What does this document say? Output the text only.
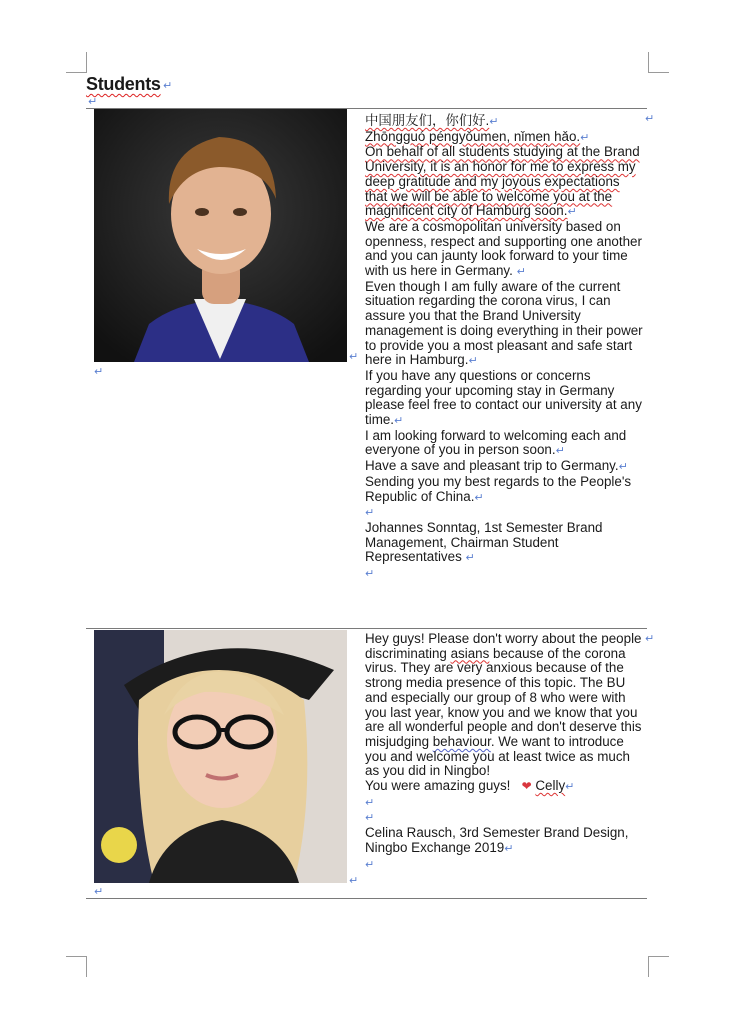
Students ↵
↵
↵
↵
↵

中国朋友们，你们好.↵

Zhōngguó péngyǒumen, nǐmen hǎo.↵

On behalf of all students studying at the Brand University, it is an honor for me to express my deep gratitude and my joyous expectations that we will be able to welcome you at the magnificent city of Hamburg soon.↵

We are a cosmopolitan university based on openness, respect and supporting one another and you can jaunty look forward to your time with us here in Germany. ↵

Even though I am fully aware of the current situation regarding the corona virus, I can assure you that the Brand University management is doing everything in their power to provide you a most pleasant and safe start here in Hamburg.↵

If you have any questions or concerns regarding your upcoming stay in Germany please feel free to contact our university at any time.↵

I am looking forward to welcoming each and everyone of you in person soon.↵

Have a save and pleasant trip to Germany.↵

Sending you my best regards to the People's Republic of China.↵

↵

Johannes Sonntag, 1st Semester Brand Management, Chairman Student Representatives ↵

↵

↵
↵
↵

Hey guys! Please don't worry about the people discriminating asians because of the corona virus. They are very anxious because of the strong media presence of this topic. The BU and especially our group of 8 who were with you last year, know you and we know that you are all wonderful people and don't deserve this misjudging behaviour. We want to introduce you and welcome you at least twice as much as you did in Ningbo!

You were amazing guys! ❤ Celly↵

↵

↵

Celina Rausch, 3rd Semester Brand Design, Ningbo Exchange 2019↵

↵
